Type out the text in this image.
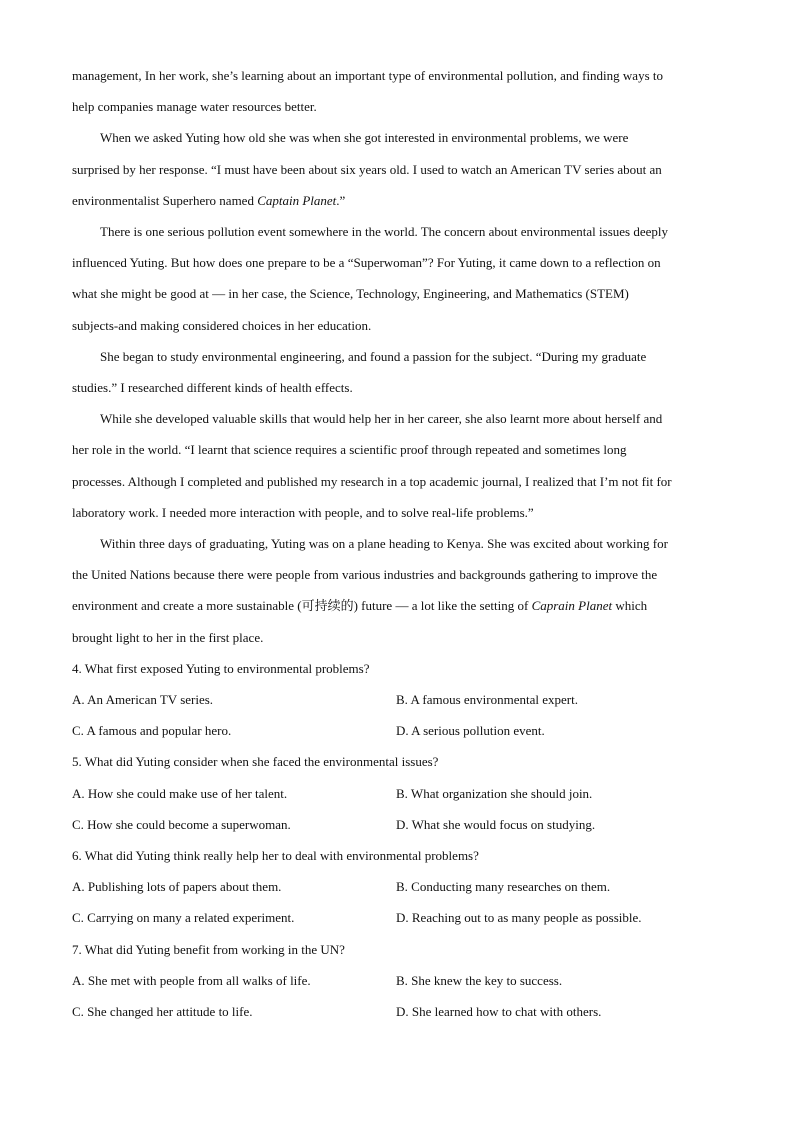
management, In her work, she’s learning about an important type of environmental pollution, and finding ways to
help companies manage water resources better.
When we asked Yuting how old she was when she got interested in environmental problems, we were
surprised by her response. “I must have been about six years old. I used to watch an American TV series about an
environmentalist Superhero named Captain Planet.”
There is one serious pollution event somewhere in the world. The concern about environmental issues deeply
influenced Yuting. But how does one prepare to be a “Superwoman”? For Yuting, it came down to a reflection on
what she might be good at — in her case, the Science, Technology, Engineering, and Mathematics (STEM)
subjects-and making considered choices in her education.
She began to study environmental engineering, and found a passion for the subject. “During my graduate
studies.” I researched different kinds of health effects.
While she developed valuable skills that would help her in her career, she also learnt more about herself and
her role in the world. “I learnt that science requires a scientific proof through repeated and sometimes long
processes. Although I completed and published my research in a top academic journal, I realized that I’m not fit for
laboratory work. I needed more interaction with people, and to solve real-life problems.”
Within three days of graduating, Yuting was on a plane heading to Kenya. She was excited about working for
the United Nations because there were people from various industries and backgrounds gathering to improve the
environment and create a more sustainable (可持续的) future — a lot like the setting of Caprain Planet which
brought light to her in the first place.
4. What first exposed Yuting to environmental problems?
A. An American TV series.	B. A famous environmental expert.
C. A famous and popular hero.	D. A serious pollution event.
5. What did Yuting consider when she faced the environmental issues?
A. How she could make use of her talent.	B. What organization she should join.
C. How she could become a superwoman.	D. What she would focus on studying.
6. What did Yuting think really help her to deal with environmental problems?
A. Publishing lots of papers about them.	B. Conducting many researches on them.
C. Carrying on many a related experiment.	D. Reaching out to as many people as possible.
7. What did Yuting benefit from working in the UN?
A. She met with people from all walks of life.	B. She knew the key to success.
C. She changed her attitude to life.	D. She learned how to chat with others.
